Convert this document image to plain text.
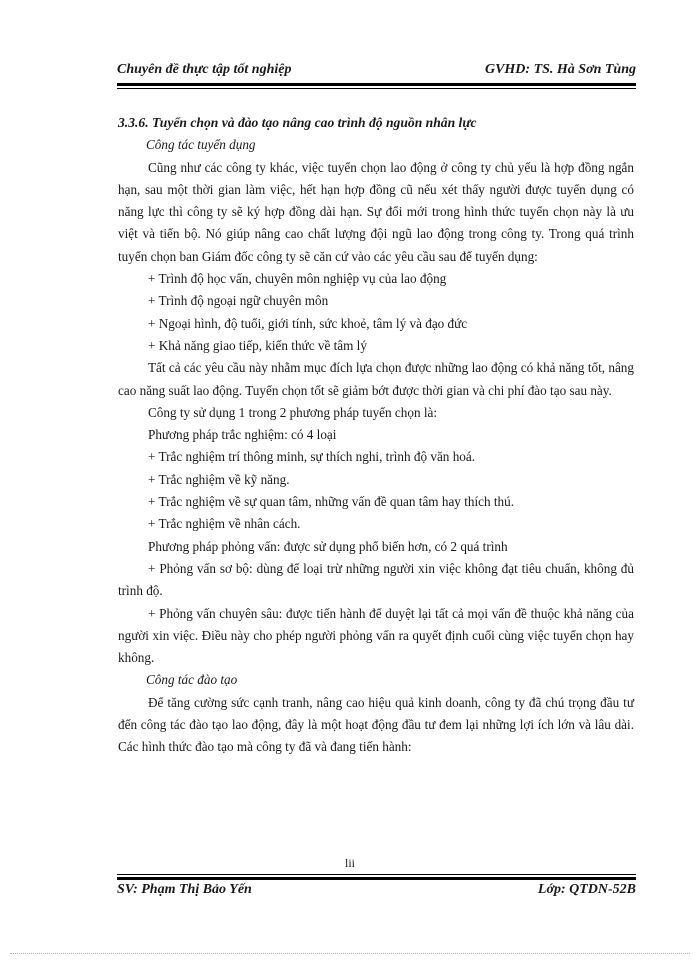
Chuyên đề thực tập tốt nghiệp	GVHD: TS. Hà Sơn Tùng

3.3.6. Tuyển chọn và đào tạo nâng cao trình độ nguồn nhân lực

Công tác tuyển dụng

Cũng như các công ty khác, việc tuyển chọn lao động ở công ty chủ yếu là hợp đồng ngắn hạn, sau một thời gian làm việc, hết hạn hợp đồng cũ nếu xét thấy người được tuyển dụng có năng lực thì công ty sẽ ký hợp đồng dài hạn. Sự đổi mới trong hình thức tuyển chọn này là ưu việt và tiến bộ. Nó giúp nâng cao chất lượng đội ngũ lao động trong công ty. Trong quá trình tuyển chọn ban Giám đốc công ty sẽ căn cứ vào các yêu cầu sau để tuyển dụng:

+ Trình độ học vấn, chuyên môn nghiệp vụ của lao động

+ Trình độ ngoại ngữ chuyên môn

+ Ngoại hình, độ tuổi, giới tính, sức khoẻ, tâm lý và đạo đức

+ Khả năng giao tiếp, kiến thức về tâm lý

Tất cả các yêu cầu này nhằm mục đích lựa chọn được những lao động có khả năng tốt, nâng cao năng suất lao động. Tuyển chọn tốt sẽ giảm bớt được thời gian và chi phí đào tạo sau này.

Công ty sử dụng 1 trong 2 phương pháp tuyển chọn là:

Phương pháp trắc nghiệm: có 4 loại

+ Trắc nghiệm trí thông minh, sự thích nghi, trình độ văn hoá.

+ Trắc nghiệm về kỹ năng.

+ Trắc nghiệm về sự quan tâm, những vấn đề quan tâm hay thích thú.

+ Trắc nghiệm về nhân cách.

Phương pháp phỏng vấn: được sử dụng phổ biến hơn, có 2 quá trình

+ Phỏng vấn sơ bộ: dùng để loại trừ những người xin việc không đạt tiêu chuẩn, không đủ trình độ.

+ Phỏng vấn chuyên sâu: được tiến hành để duyệt lại tất cả mọi vấn đề thuộc khả năng của người xin việc. Điều này cho phép người phỏng vấn ra quyết định cuối cùng việc tuyển chọn hay không.

Công tác đào tạo

Để tăng cường sức cạnh tranh, nâng cao hiệu quả kinh doanh, công ty đã chú trọng đầu tư đến công tác đào tạo lao động, đây là một hoạt động đầu tư đem lại những lợi ích lớn và lâu dài. Các hình thức đào tạo mà công ty đã và đang tiến hành:

lii
SV: Phạm Thị Bảo Yến	Lớp: QTDN-52B
